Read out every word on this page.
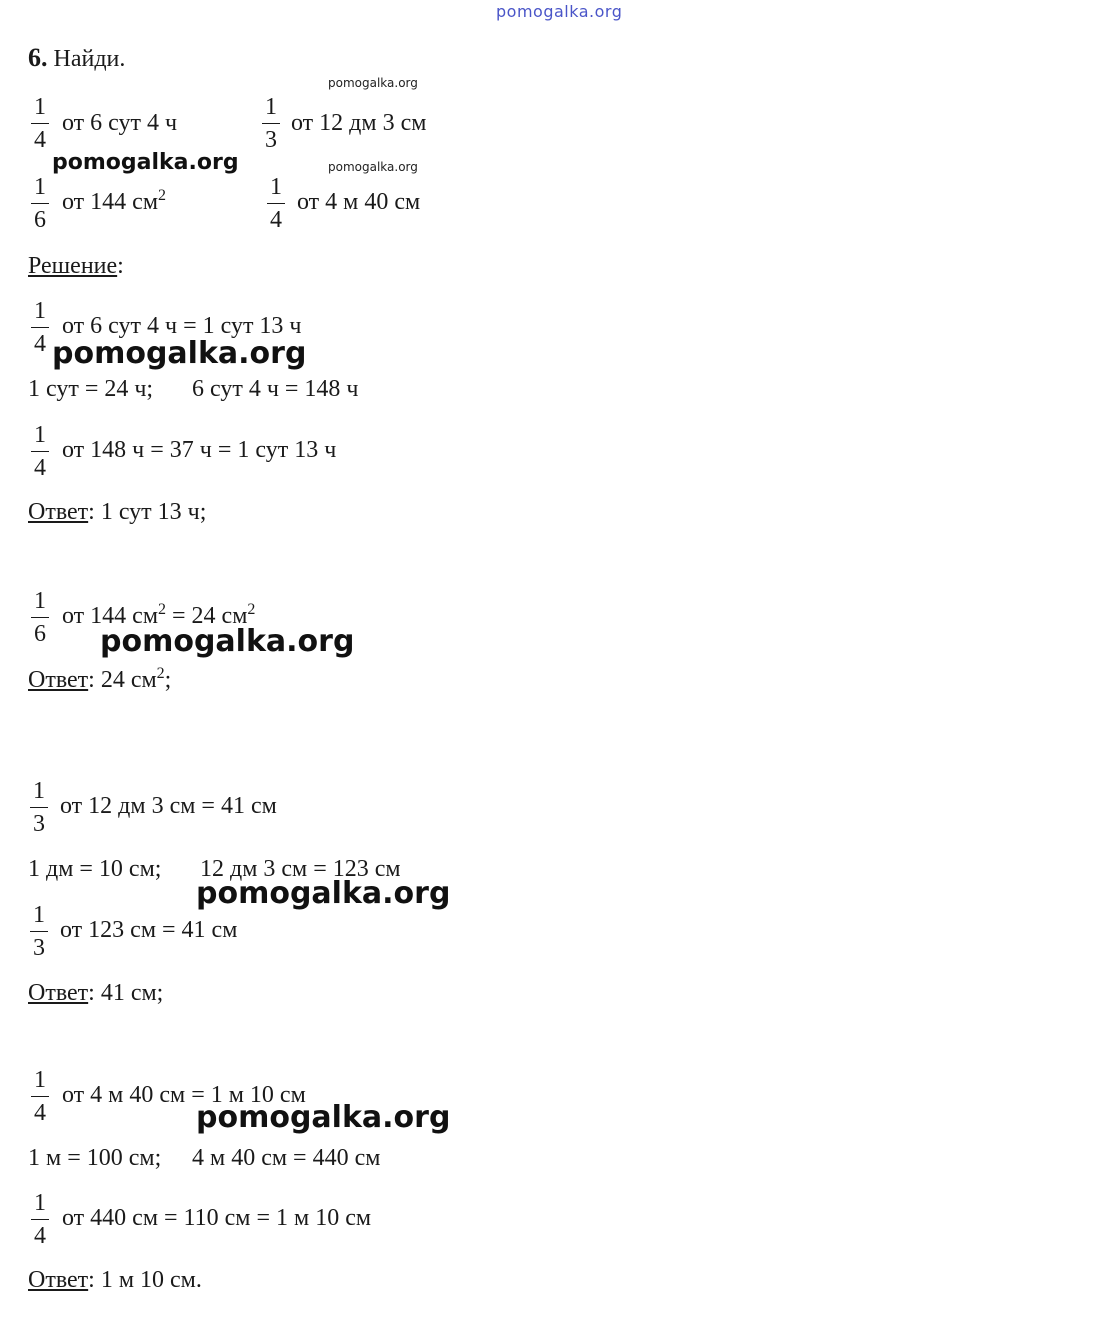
pomogalka.org
6. Найди.
pomogalka.org
1
4
от 6 сут 4 ч
1
3
от 12 дм 3 см
pomogalka.org	pomogalka.org
1
6
от 144 $см^2$	1
4
от 4 м 40 см
Решение:
1
4
от 6 сут 4 ч = 1 сут 13 ч
pomogalka.org
1 сут = 24 ч; 6 сут 4 ч = 148 ч
1
4
от 148 ч = 37 ч = 1 сут 13 ч
Ответ: 1 сут 13 ч;
1
6
от 144 $см^2 = 24$ $см^2$
pomogalka.org
Ответ: 24 $см^2$;
1
3
от 12 дм 3 см = 41 см
1 дм = 10 см; 12 дм 3 см = 123 см
pomogalka.org
1
3
от 123 см = 41 см
Ответ: 41 см;
1
4
от 4 м 40 см = 1 м 10 см
pomogalka.org
1 м = 100 см; 4 м 40 см = 440 см
1
4
от 440 см = 110 см = 1 м 10 см
Ответ: 1 м 10 см.
